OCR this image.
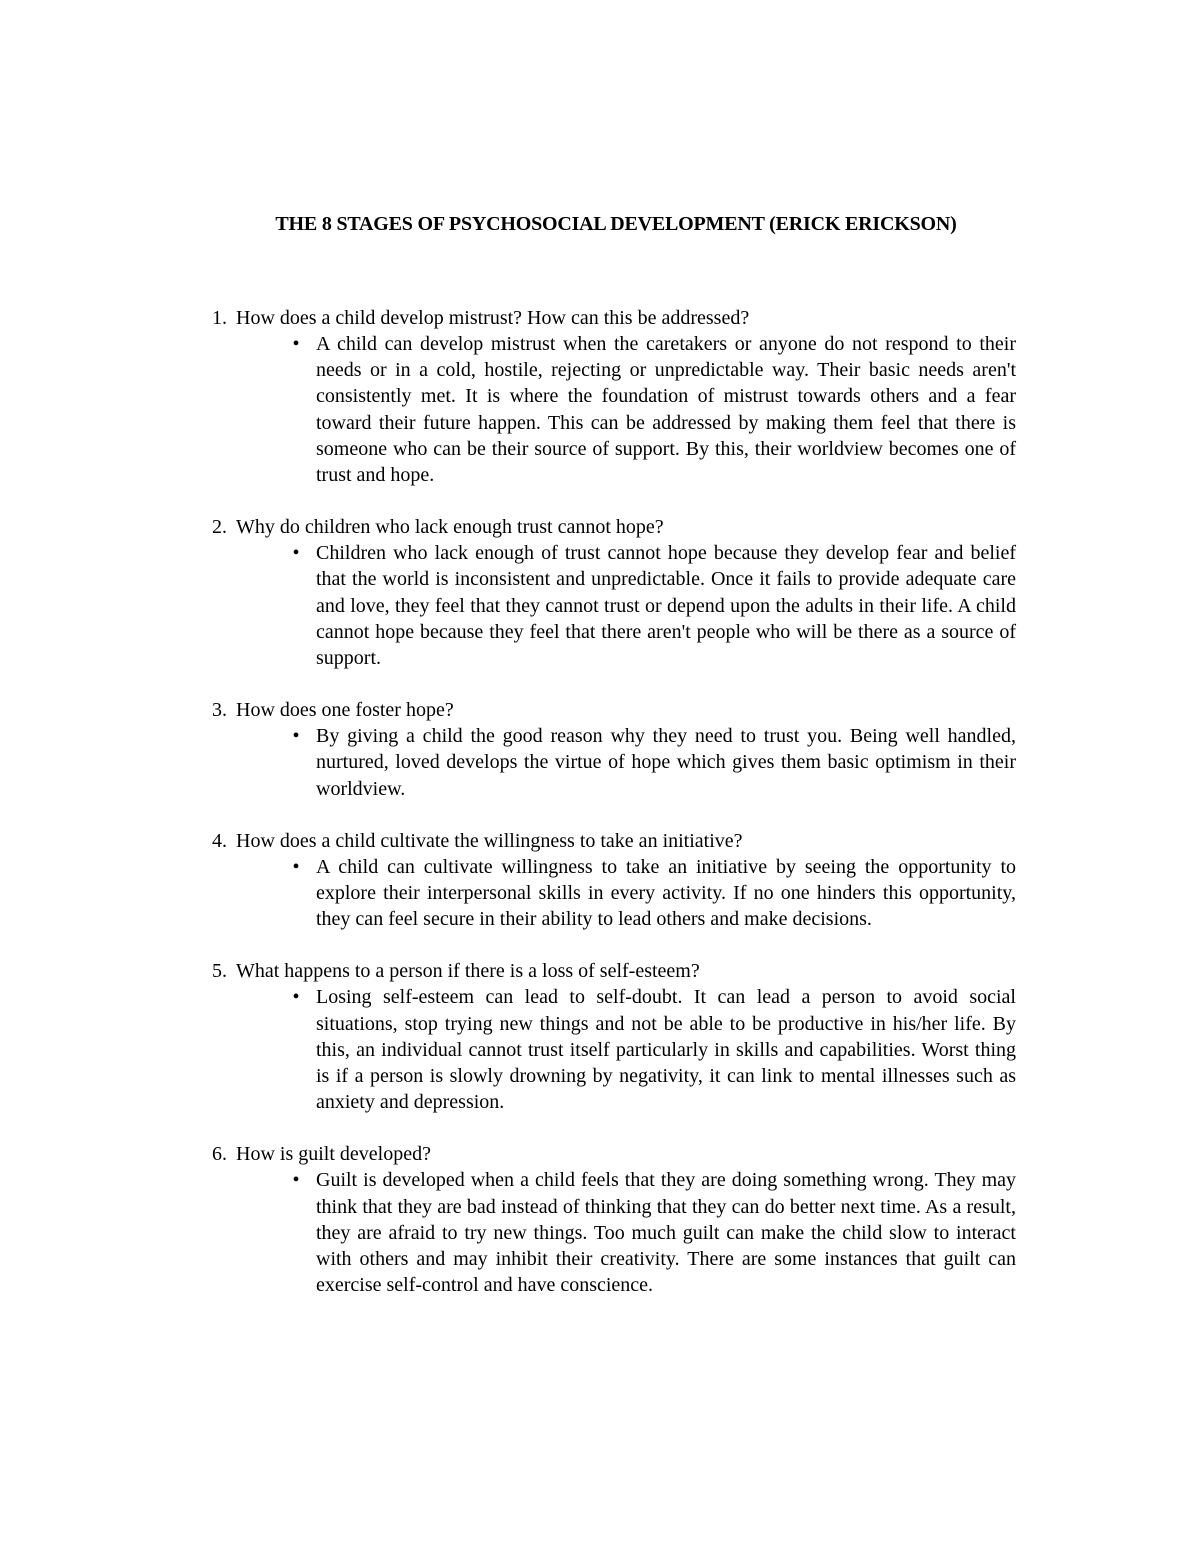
THE 8 STAGES OF PSYCHOSOCIAL DEVELOPMENT (ERICK ERICKSON)
1. How does a child develop mistrust? How can this be addressed?
• A child can develop mistrust when the caretakers or anyone do not respond to their needs or in a cold, hostile, rejecting or unpredictable way. Their basic needs aren't consistently met. It is where the foundation of mistrust towards others and a fear toward their future happen. This can be addressed by making them feel that there is someone who can be their source of support. By this, their worldview becomes one of trust and hope.
2. Why do children who lack enough trust cannot hope?
• Children who lack enough of trust cannot hope because they develop fear and belief that the world is inconsistent and unpredictable. Once it fails to provide adequate care and love, they feel that they cannot trust or depend upon the adults in their life. A child cannot hope because they feel that there aren't people who will be there as a source of support.
3. How does one foster hope?
• By giving a child the good reason why they need to trust you. Being well handled, nurtured, loved develops the virtue of hope which gives them basic optimism in their worldview.
4. How does a child cultivate the willingness to take an initiative?
• A child can cultivate willingness to take an initiative by seeing the opportunity to explore their interpersonal skills in every activity. If no one hinders this opportunity, they can feel secure in their ability to lead others and make decisions.
5. What happens to a person if there is a loss of self-esteem?
• Losing self-esteem can lead to self-doubt. It can lead a person to avoid social situations, stop trying new things and not be able to be productive in his/her life. By this, an individual cannot trust itself particularly in skills and capabilities. Worst thing is if a person is slowly drowning by negativity, it can link to mental illnesses such as anxiety and depression.
6. How is guilt developed?
• Guilt is developed when a child feels that they are doing something wrong. They may think that they are bad instead of thinking that they can do better next time. As a result, they are afraid to try new things. Too much guilt can make the child slow to interact with others and may inhibit their creativity. There are some instances that guilt can exercise self-control and have conscience.
